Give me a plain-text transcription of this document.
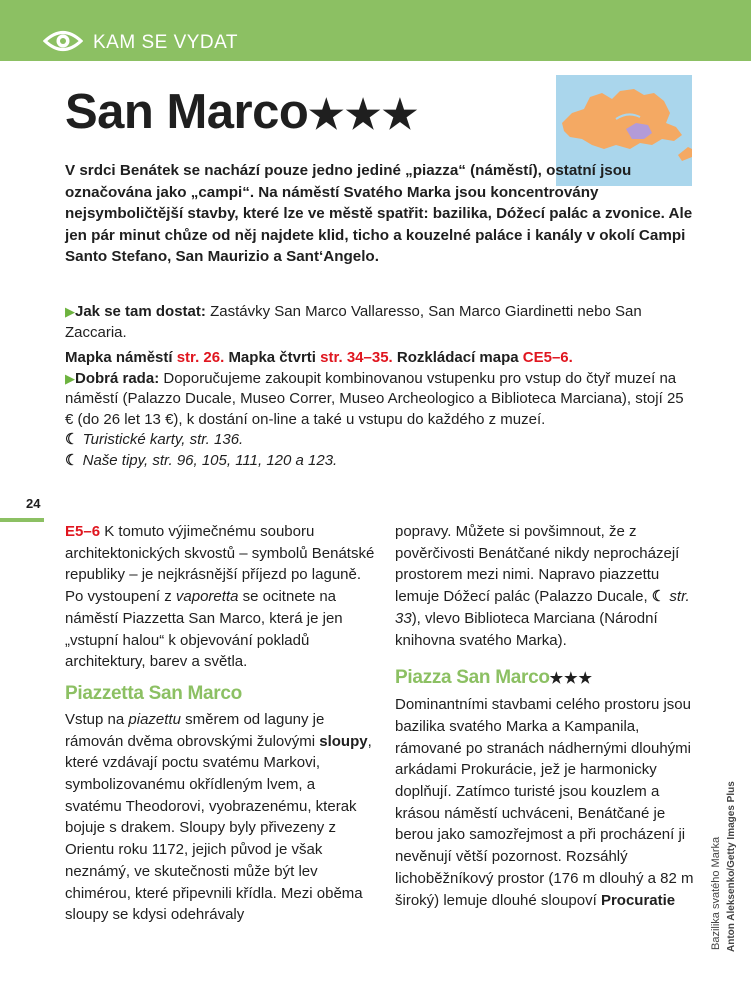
KAM SE VYDAT
San Marco★★★

V srdci Benátek se nachází pouze jedno jediné „piazza“ (náměstí), ostatní jsou označována jako „campi“. Na náměstí Svatého Marka jsou koncentrovány nejsymboličtější stavby, které lze ve městě spatřit: bazilika, Dóžecí palác a zvonice. Ale jen pár minut chůze od něj najdete klid, ticho a kouzelné paláce i kanály v okolí Campi Santo Stefano, San Maurizio a Sant‘Angelo.

▶Jak se tam dostat: Zastávky San Marco Vallaresso, San Marco Giardinetti nebo San Zaccaria.

Mapka náměstí str. 26. Mapka čtvrti str. 34–35. Rozkládací mapa CE5–6.

▶Dobrá rada: Doporučujeme zakoupit kombinovanou vstupenku pro vstup do čtyř muzeí na náměstí (Palazzo Ducale, Museo Correr, Museo Archeologico a Biblioteca Marciana), stojí 25 € (do 26 let 13 €), k dostání on-line a také u vstupu do každého z muzeí.

☾ Turistické karty, str. 136.

☾ Naše tipy, str. 96, 105, 111, 120 a 123.

24

E5–6 K tomuto výjimečnému souboru architektonických skvostů – symbolů Benátské republiky – je nejkrásnější příjezd po laguně. Po vystoupení z vaporetta se ocitnete na náměstí Piazzetta San Marco, která je jen „vstupní halou“ k objevování pokladů architektury, barev a světla.

Piazzetta San Marco

Vstup na piazettu směrem od laguny je rámován dvěma obrovskými žulovými sloupy, které vzdávají poctu svatému Markovi, symbolizovanému okřídleným lvem, a svatému Theodorovi, vyobrazenému, kterak bojuje s drakem. Sloupy byly přivezeny z Orientu roku 1172, jejich původ je však neznámý, ve skutečnosti může být lev chimérou, které připevnili křídla. Mezi oběma sloupy se kdysi odehrávaly

popravy. Můžete si povšimnout, že z pověrčivosti Benátčané nikdy neprocházejí prostorem mezi nimi. Napravo piazzettu lemuje Dóžecí palác (Palazzo Ducale, ☾ str. 33), vlevo Biblioteca Marciana (Národní knihovna svatého Marka).

Piazza San Marco★★★

Dominantními stavbami celého prostoru jsou bazilika svatého Marka a Kampanila, rámované po stranách nádhernými dlouhými arkádami Prokurácie, jež je harmonicky doplňují. Zatímco turisté jsou kouzlem a krásou náměstí uchváceni, Benátčané je berou jako samozřejmost a při procházení ji nevěnují větší pozornost. Rozsáhlý lichoběžníkový prostor (176 m dlouhý a 82 m široký) lemuje dlouhé sloupoví Procuratie	Bazilika svatého Marka Anton Aleksenko/Getty Images Plus
